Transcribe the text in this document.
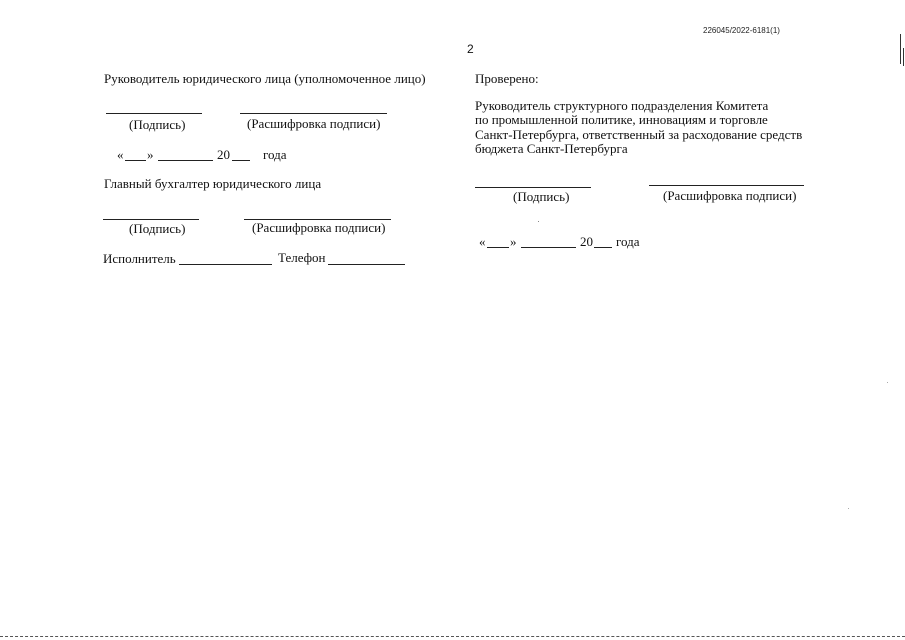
226045/2022-6181(1)
2
Руководитель юридического лица (уполномоченное лицо)
(Подпись)	(Расшифровка подписи)
« »	20	года
Главный бухгалтер юридического лица
(Подпись)	(Расшифровка подписи)
Исполнитель	Телефон
Проверено:
Руководитель структурного подразделения Комитета
по промышленной политике, инновациям и торговле
Санкт-Петербурга, ответственный за расходование средств
бюджета Санкт-Петербурга
(Подпись)	(Расшифровка подписи)
« »	20 года
